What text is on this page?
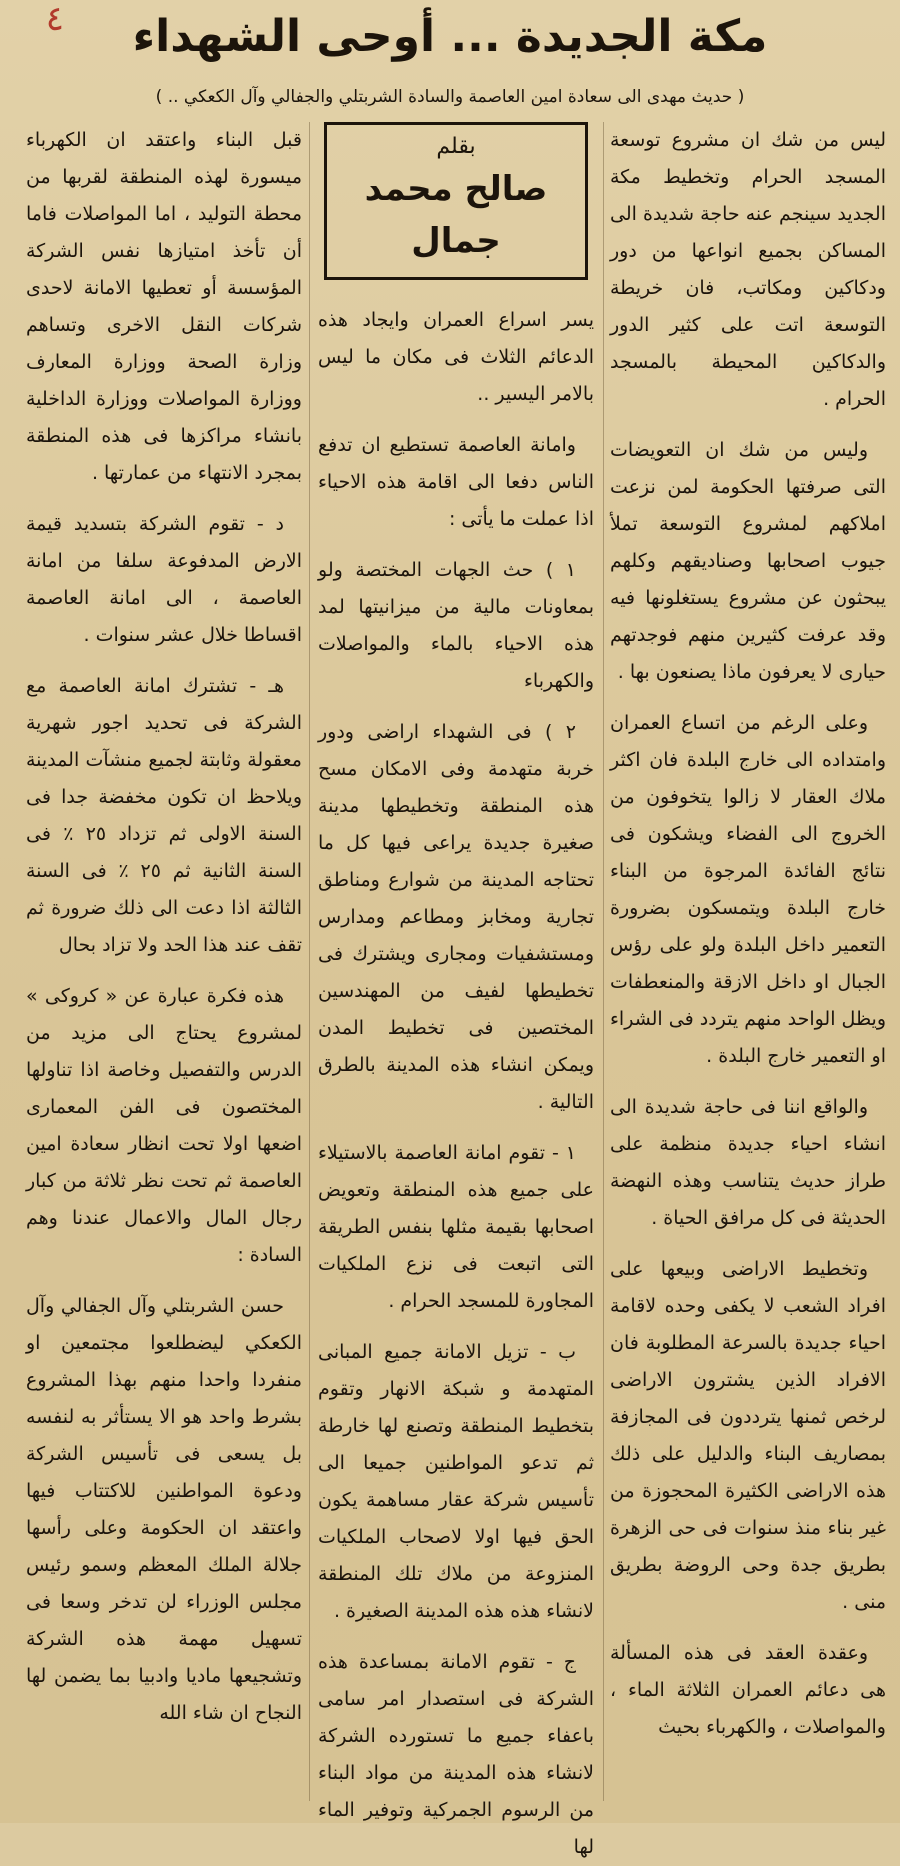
٤	مكة الجديدة ... أوحى الشهداء
( حديث مهدى الى سعادة امين العاصمة والسادة الشربتلي والجفالي وآل الكعكي .. )

ليس من شك ان مشروع توسعة المسجد الحرام وتخطيط مكة الجديد سينجم عنه حاجة شديدة الى المساكن بجميع انواعها من دور ودكاكين ومكاتب، فان خريطة التوسعة اتت على كثير الدور والدكاكين المحيطة بالمسجد الحرام .

وليس من شك ان التعويضات التى صرفتها الحكومة لمن نزعت املاكهم لمشروع التوسعة تملأ جيوب اصحابها وصناديقهم وكلهم يبحثون عن مشروع يستغلونها فيه وقد عرفت كثيرين منهم فوجدتهم حيارى لا يعرفون ماذا يصنعون بها .

وعلى الرغم من اتساع العمران وامتداده الى خارج البلدة فان اكثر ملاك العقار لا زالوا يتخوفون من الخروج الى الفضاء ويشكون فى نتائج الفائدة المرجوة من البناء خارج البلدة ويتمسكون بضرورة التعمير داخل البلدة ولو على رؤس الجبال او داخل الازقة والمنعطفات ويظل الواحد منهم يتردد فى الشراء او التعمير خارج البلدة .

والواقع اننا فى حاجة شديدة الى انشاء احياء جديدة منظمة على طراز حديث يتناسب وهذه النهضة الحديثة فى كل مرافق الحياة .

وتخطيط الاراضى وبيعها على افراد الشعب لا يكفى وحده لاقامة احياء جديدة بالسرعة المطلوبة فان الافراد الذين يشترون الاراضى لرخص ثمنها يترددون فى المجازفة بمصاريف البناء والدليل على ذلك هذه الاراضى الكثيرة المحجوزة من غير بناء منذ سنوات فى حى الزهرة بطريق جدة وحى الروضة بطريق منى .

وعقدة العقد فى هذه المسألة هى دعائم العمران الثلاثة الماء ، والمواصلات ، والكهرباء بحيث

بقلم
صالح محمد جمال

يسر اسراع العمران وايجاد هذه الدعائم الثلاث فى مكان ما ليس بالامر اليسير ..

وامانة العاصمة تستطيع ان تدفع الناس دفعا الى اقامة هذه الاحياء اذا عملت ما يأتى :

١ ) حث الجهات المختصة ولو بمعاونات مالية من ميزانيتها لمد هذه الاحياء بالماء والمواصلات والكهرباء

٢ ) فى الشهداء اراضى ودور خربة متهدمة وفى الامكان مسح هذه المنطقة وتخطيطها مدينة صغيرة جديدة يراعى فيها كل ما تحتاجه المدينة من شوارع ومناطق تجارية ومخابز ومطاعم ومدارس ومستشفيات ومجارى ويشترك فى تخطيطها لفيف من المهندسين المختصين فى تخطيط المدن ويمكن انشاء هذه المدينة بالطرق التالية .

١ - تقوم امانة العاصمة بالاستيلاء على جميع هذه المنطقة وتعويض اصحابها بقيمة مثلها بنفس الطريقة التى اتبعت فى نزع الملكيات المجاورة للمسجد الحرام .

ب - تزيل الامانة جميع المبانى المتهدمة و شبكة الانهار وتقوم بتخطيط المنطقة وتصنع لها خارطة ثم تدعو المواطنين جميعا الى تأسيس شركة عقار مساهمة يكون الحق فيها اولا لاصحاب الملكيات المنزوعة من ملاك تلك المنطقة لانشاء هذه هذه المدينة الصغيرة .

ج - تقوم الامانة بمساعدة هذه الشركة فى استصدار امر سامى باعفاء جميع ما تستورده الشركة لانشاء هذه المدينة من مواد البناء من الرسوم الجمركية وتوفير الماء لها

قبل البناء واعتقد ان الكهرباء ميسورة لهذه المنطقة لقربها من محطة التوليد ، اما المواصلات فاما أن تأخذ امتيازها نفس الشركة المؤسسة أو تعطيها الامانة لاحدى شركات النقل الاخرى وتساهم وزارة الصحة ووزارة المعارف ووزارة المواصلات ووزارة الداخلية بانشاء مراكزها فى هذه المنطقة بمجرد الانتهاء من عمارتها .

د - تقوم الشركة بتسديد قيمة الارض المدفوعة سلفا من امانة العاصمة ، الى امانة العاصمة اقساطا خلال عشر سنوات .

هـ - تشترك امانة العاصمة مع الشركة فى تحديد اجور شهرية معقولة وثابتة لجميع منشآت المدينة ويلاحظ ان تكون مخفضة جدا فى السنة الاولى ثم تزداد ٢٥ ٪ فى السنة الثانية ثم ٢٥ ٪ فى السنة الثالثة اذا دعت الى ذلك ضرورة ثم تقف عند هذا الحد ولا تزاد بحال

هذه فكرة عبارة عن « كروكى » لمشروع يحتاج الى مزيد من الدرس والتفصيل وخاصة اذا تناولها المختصون فى الفن المعمارى اضعها اولا تحت انظار سعادة امين العاصمة ثم تحت نظر ثلاثة من كبار رجال المال والاعمال عندنا وهم السادة :

حسن الشربتلي وآل الجفالي وآل الكعكي ليضطلعوا مجتمعين او منفردا واحدا منهم بهذا المشروع بشرط واحد هو الا يستأثر به لنفسه بل يسعى فى تأسيس الشركة ودعوة المواطنين للاكتتاب فيها واعتقد ان الحكومة وعلى رأسها جلالة الملك المعظم وسمو رئيس مجلس الوزراء لن تدخر وسعا فى تسهيل مهمة هذه الشركة وتشجيعها ماديا وادبيا بما يضمن لها النجاح ان شاء الله
